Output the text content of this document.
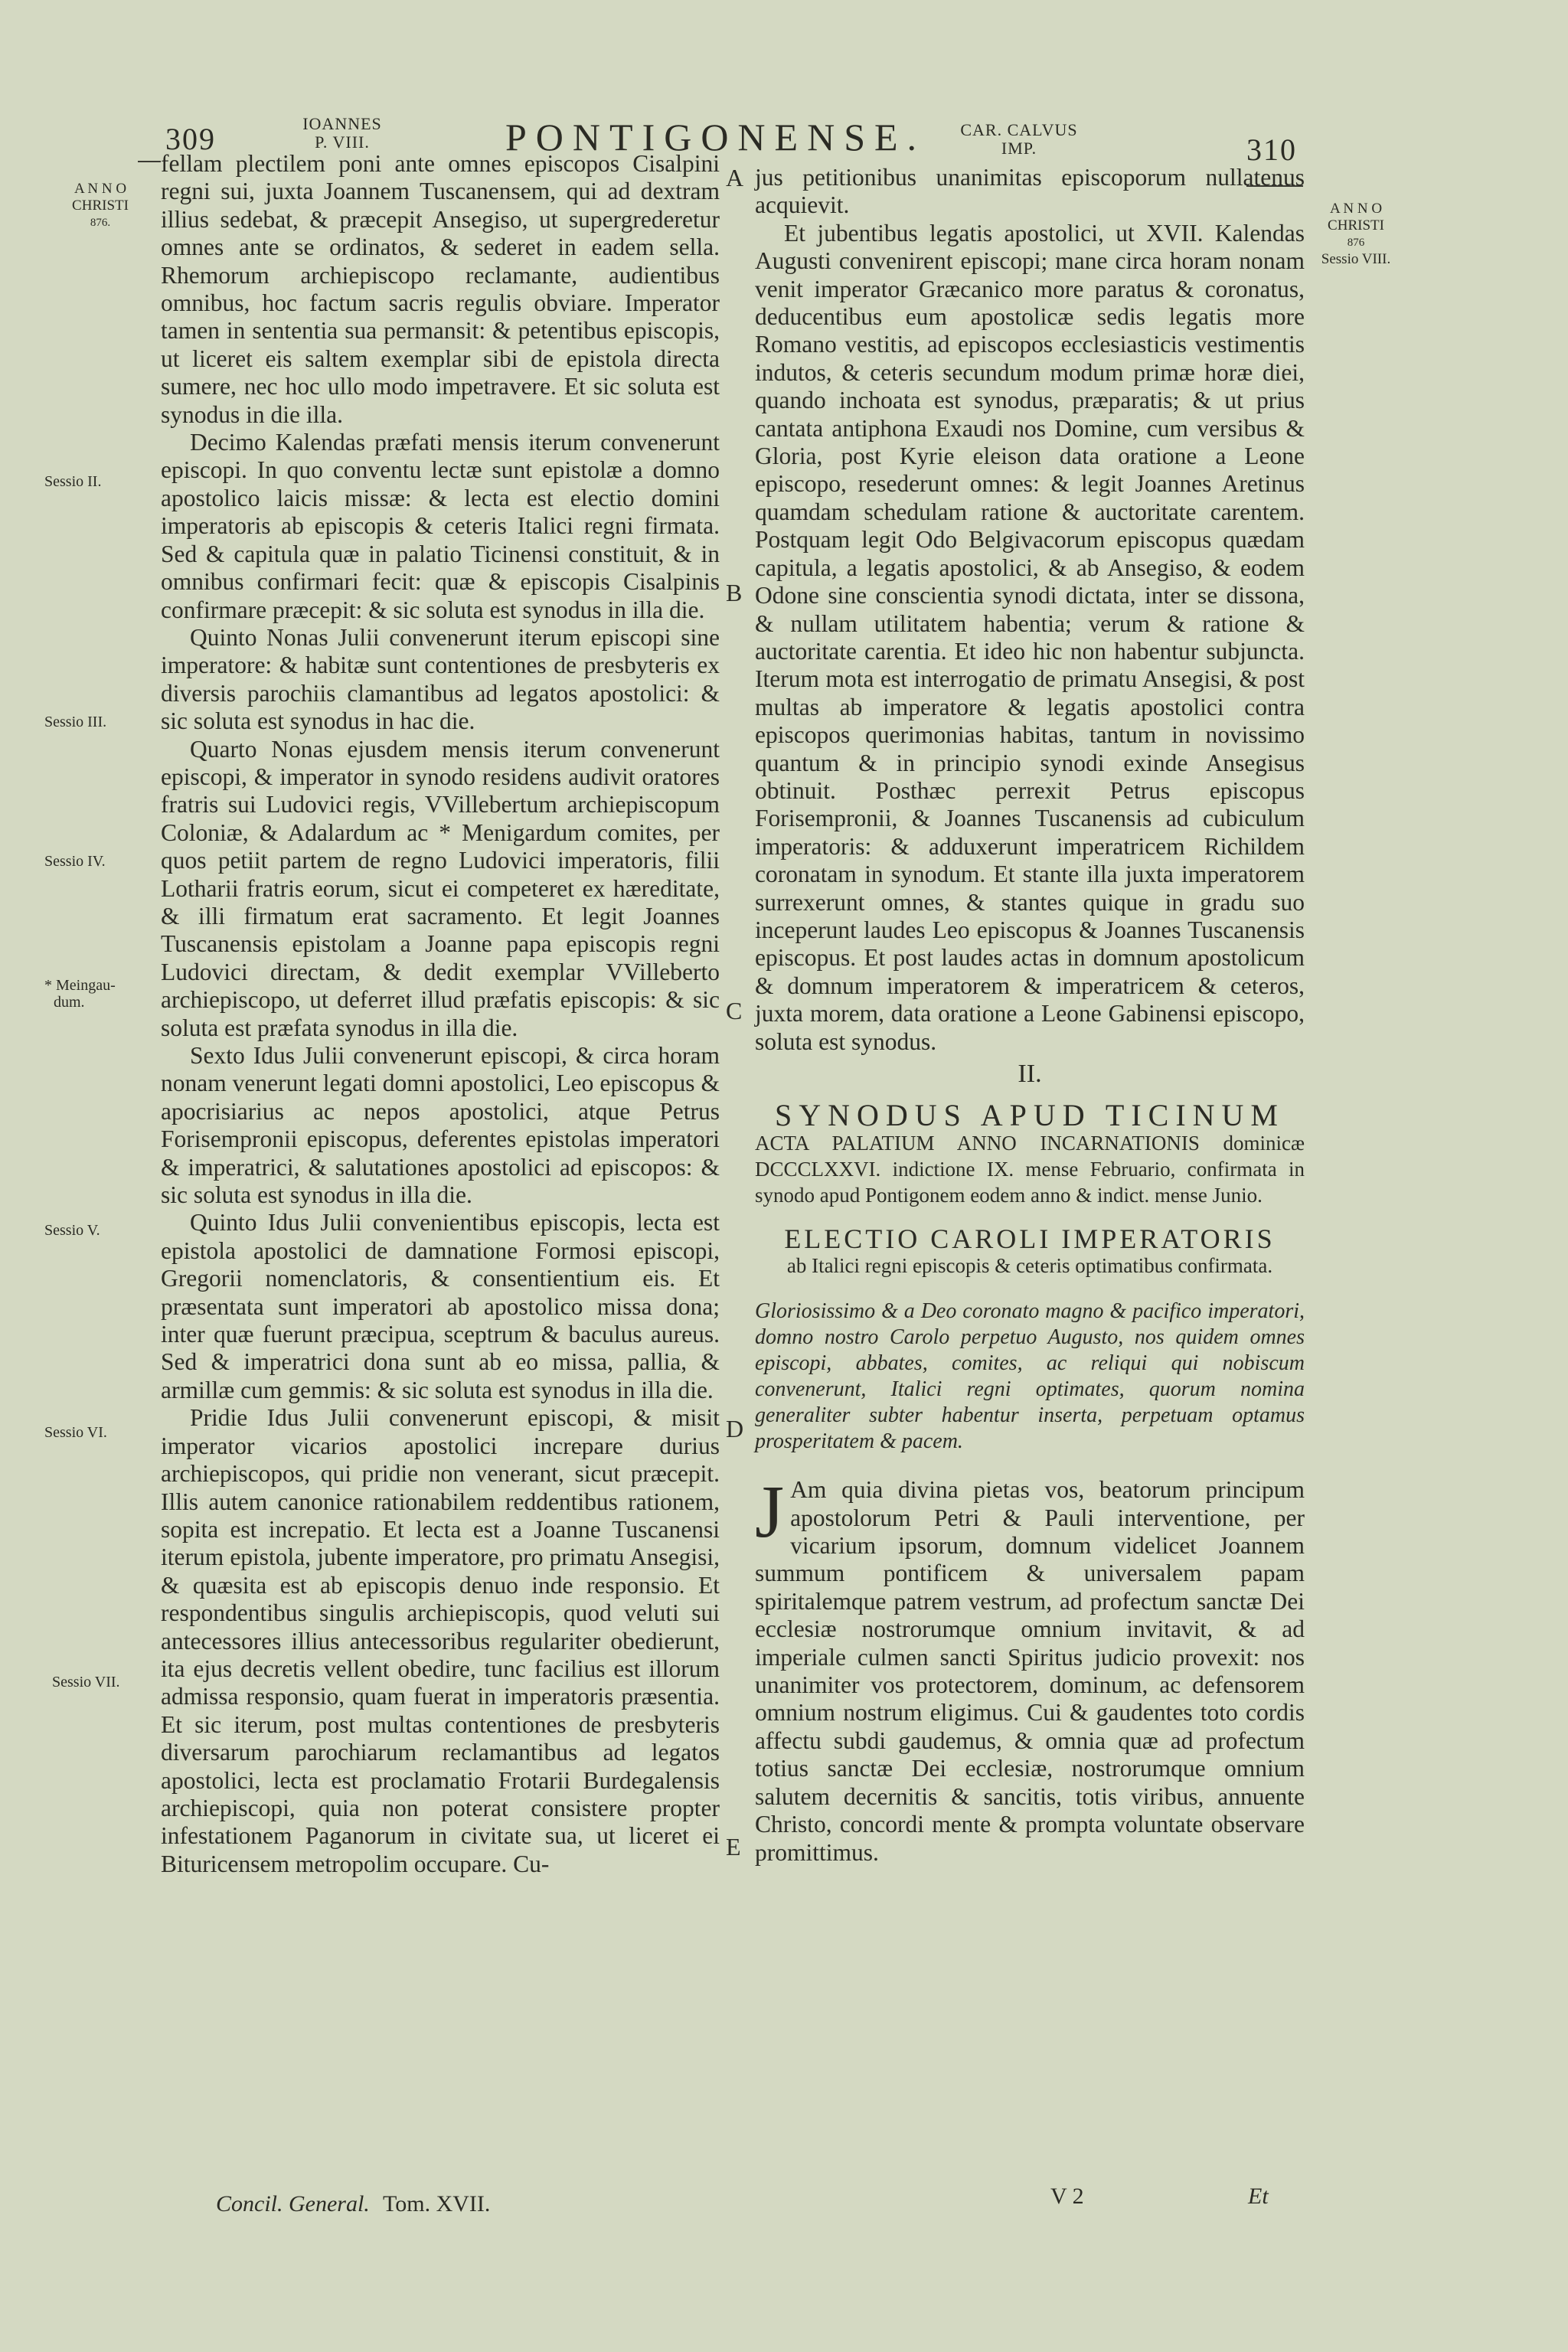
309	IOANNES
P. VIII.	PONTIGONENSE.	CAR. CALVUS
IMP.	310
A N N O
CHRISTI
876.
Sessio II.
Sessio III.
Sessio IV.
* Meingau-
dum.
Sessio V.
Sessio VI.
Sessio VII.
A N N O
CHRISTI
876
Sessio VIII.
A
B
C
D
E

fellam plectilem poni ante omnes episcopos Cisalpini regni sui, juxta Joannem Tuscanensem, qui ad dextram illius sedebat, & præcepit Ansegiso, ut supergrederetur omnes ante se ordinatos, & sederet in eadem sella. Rhemorum archiepiscopo reclamante, audientibus omnibus, hoc factum sacris regulis obviare. Imperator tamen in sententia sua permansit: & petentibus episcopis, ut liceret eis saltem exemplar sibi de epistola directa sumere, nec hoc ullo modo impetravere. Et sic soluta est synodus in die illa.

Decimo Kalendas præfati mensis iterum convenerunt episcopi. In quo conventu lectæ sunt epistolæ a domno apostolico laicis missæ: & lecta est electio domini imperatoris ab episcopis & ceteris Italici regni firmata. Sed & capitula quæ in palatio Ticinensi constituit, & in omnibus confirmari fecit: quæ & episcopis Cisalpinis confirmare præcepit: & sic soluta est synodus in illa die.

Quinto Nonas Julii convenerunt iterum episcopi sine imperatore: & habitæ sunt contentiones de presbyteris ex diversis parochiis clamantibus ad legatos apostolici: & sic soluta est synodus in hac die.

Quarto Nonas ejusdem mensis iterum convenerunt episcopi, & imperator in synodo residens audivit oratores fratris sui Ludovici regis, VVillebertum archiepiscopum Coloniæ, & Adalardum ac * Menigardum comites, per quos petiit partem de regno Ludovici imperatoris, filii Lotharii fratris eorum, sicut ei competeret ex hæreditate, & illi firmatum erat sacramento. Et legit Joannes Tuscanensis epistolam a Joanne papa episcopis regni Ludovici directam, & dedit exemplar VVilleberto archiepiscopo, ut deferret illud præfatis episcopis: & sic soluta est præfata synodus in illa die.

Sexto Idus Julii convenerunt episcopi, & circa horam nonam venerunt legati domni apostolici, Leo episcopus & apocrisiarius ac nepos apostolici, atque Petrus Forisempronii episcopus, deferentes epistolas imperatori & imperatrici, & salutationes apostolici ad episcopos: & sic soluta est synodus in illa die.

Quinto Idus Julii convenientibus episcopis, lecta est epistola apostolici de damnatione Formosi episcopi, Gregorii nomenclatoris, & consentientium eis. Et præsentata sunt imperatori ab apostolico missa dona; inter quæ fuerunt præcipua, sceptrum & baculus aureus. Sed & imperatrici dona sunt ab eo missa, pallia, & armillæ cum gemmis: & sic soluta est synodus in illa die.

Pridie Idus Julii convenerunt episcopi, & misit imperator vicarios apostolici increpare durius archiepiscopos, qui pridie non venerant, sicut præcepit. Illis autem canonice rationabilem reddentibus rationem, sopita est increpatio. Et lecta est a Joanne Tuscanensi iterum epistola, jubente imperatore, pro primatu Ansegisi, & quæsita est ab episcopis denuo inde responsio. Et respondentibus singulis archiepiscopis, quod veluti sui antecessores illius antecessoribus regulariter obedierunt, ita ejus decretis vellent obedire, tunc facilius est illorum admissa responsio, quam fuerat in imperatoris præsentia. Et sic iterum, post multas contentiones de presbyteris diversarum parochiarum reclamantibus ad legatos apostolici, lecta est proclamatio Frotarii Burdegalensis archiepiscopi, quia non poterat consistere propter infestationem Paganorum in civitate sua, ut liceret ei Bituricensem metropolim occupare. Cu-

jus petitionibus unanimitas episcoporum nullatenus acquievit.

Et jubentibus legatis apostolici, ut XVII. Kalendas Augusti convenirent episcopi; mane circa horam nonam venit imperator Græcanico more paratus & coronatus, deducentibus eum apostolicæ sedis legatis more Romano vestitis, ad episcopos ecclesiasticis vestimentis indutos, & ceteris secundum modum primæ horæ diei, quando inchoata est synodus, præparatis; & ut prius cantata antiphona Exaudi nos Domine, cum versibus & Gloria, post Kyrie eleison data oratione a Leone episcopo, resederunt omnes: & legit Joannes Aretinus quamdam schedulam ratione & auctoritate carentem. Postquam legit Odo Belgivacorum episcopus quædam capitula, a legatis apostolici, & ab Ansegiso, & eodem Odone sine conscientia synodi dictata, inter se dissona, & nullam utilitatem habentia; verum & ratione & auctoritate carentia. Et ideo hic non habentur subjuncta. Iterum mota est interrogatio de primatu Ansegisi, & post multas ab imperatore & legatis apostolici contra episcopos querimonias habitas, tantum in novissimo quantum & in principio synodi exinde Ansegisus obtinuit. Posthæc perrexit Petrus episcopus Forisempronii, & Joannes Tuscanensis ad cubiculum imperatoris: & adduxerunt imperatricem Richildem coronatam in synodum. Et stante illa juxta imperatorem surrexerunt omnes, & stantes quique in gradu suo inceperunt laudes Leo episcopus & Joannes Tuscanensis episcopus. Et post laudes actas in domnum apostolicum & domnum imperatorem & imperatricem & ceteros, juxta morem, data oratione a Leone Gabinensi episcopo, soluta est synodus.

II.
SYNODUS APUD TICINUM
ACTA PALATIUM ANNO INCARNATIONIS dominicæ DCCCLXXVI. indictione IX. mense Februario, confirmata in synodo apud Pontigonem eodem anno & indict. mense Junio.
ELECTIO CAROLI IMPERATORIS
ab Italici regni episcopis & ceteris optimatibus confirmata.

Gloriosissimo & a Deo coronato magno & pacifico imperatori, domno nostro Carolo perpetuo Augusto, nos quidem omnes episcopi, abbates, comites, ac reliqui qui nobiscum convenerunt, Italici regni optimates, quorum nomina generaliter subter habentur inserta, perpetuam optamus prosperitatem & pacem.

J Am quia divina pietas vos, beatorum principum apostolorum Petri & Pauli interventione, per vicarium ipsorum, domnum videlicet Joannem summum pontificem & universalem papam spiritalemque patrem vestrum, ad profectum sanctæ Dei ecclesiæ nostrorumque omnium invitavit, & ad imperiale culmen sancti Spiritus judicio provexit: nos unanimiter vos protectorem, dominum, ac defensorem omnium nostrum eligimus. Cui & gaudentes toto cordis affectu subdi gaudemus, & omnia quæ ad profectum totius sanctæ Dei ecclesiæ, nostrorumque omnium salutem decernitis & sancitis, totis viribus, annuente Christo, concordi mente & prompta voluntate observare promittimus.
Concil. General. Tom. XVII.	V 2	Et
